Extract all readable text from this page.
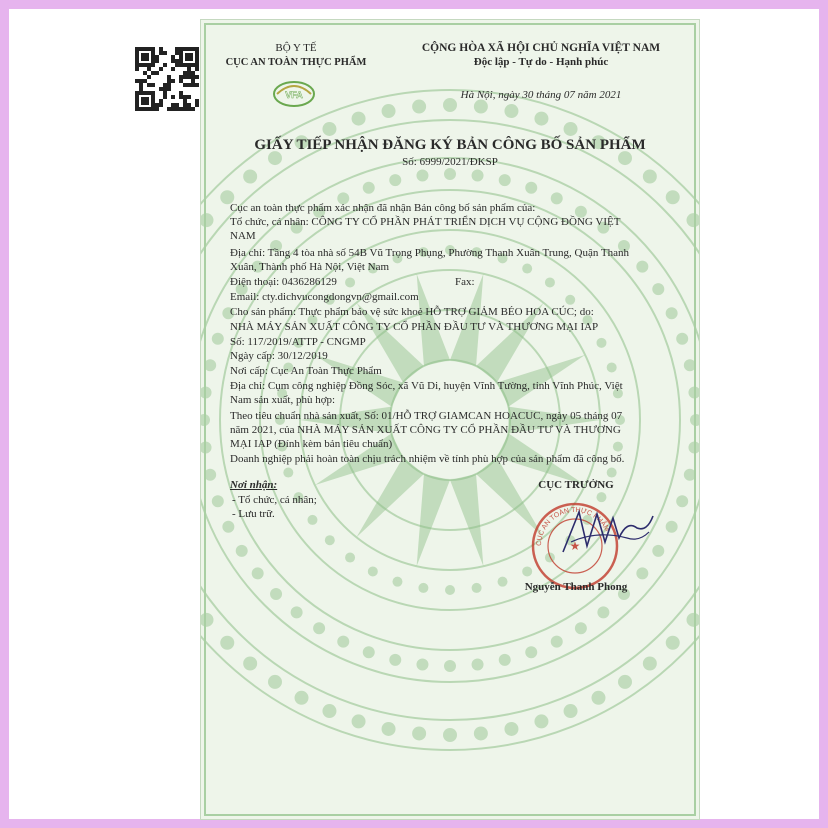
BỘ Y TẾ
CỤC AN TOÀN THỰC PHẨM
VFA
CỘNG HÒA XÃ HỘI CHỦ NGHĨA VIỆT NAM
Độc lập - Tự do - Hạnh phúc
Hà Nội, ngày 30 tháng 07 năm 2021
GIẤY TIẾP NHẬN ĐĂNG KÝ BẢN CÔNG BỐ SẢN PHẨM
Số: 6999/2021/ĐKSP
Cục an toàn thực phẩm xác nhận đã nhận Bản công bố sản phẩm của:
Tổ chức, cá nhân: CÔNG TY CỔ PHẦN PHÁT TRIỂN DỊCH VỤ CỘNG ĐỒNG VIỆT
NAM
Địa chỉ: Tầng 4 tòa nhà số 54B Vũ Trọng Phụng, Phường Thanh Xuân Trung, Quận Thanh
Xuân, Thành phố Hà Nội, Việt Nam
Điện thoại: 0436286129	Fax:
Email: cty.dichvucongdongvn@gmail.com
Cho sản phẩm: Thực phẩm bảo vệ sức khoẻ HỖ TRỢ GIẢM BÉO HOA CÚC; do:
NHÀ MÁY SẢN XUẤT CÔNG TY CỔ PHẦN ĐẦU TƯ VÀ THƯƠNG MẠI IAP
Số: 117/2019/ATTP - CNGMP
Ngày cấp: 30/12/2019
Nơi cấp: Cục An Toàn Thực Phẩm
Địa chỉ: Cụm công nghiệp Đồng Sóc, xã Vũ Di, huyện Vĩnh Tường, tỉnh Vĩnh Phúc, Việt
Nam sản xuất, phù hợp:
Theo tiêu chuẩn nhà sản xuất, Số: 01/HỖ TRỢ GIAMCAN HOACUC, ngày 05 tháng 07
năm 2021, của NHÀ MÁY SẢN XUẤT CÔNG TY CỔ PHẦN ĐẦU TƯ VÀ THƯƠNG
MẠI IAP (Đính kèm bản tiêu chuẩn)
Doanh nghiệp phải hoàn toàn chịu trách nhiệm về tính phù hợp của sản phẩm đã công bố.
Nơi nhận:
- Tổ chức, cá nhân;
- Lưu trữ.
CỤC TRƯỞNG
CỤC AN TOÀN THỰC PHẨM
★
Nguyễn Thanh Phong
